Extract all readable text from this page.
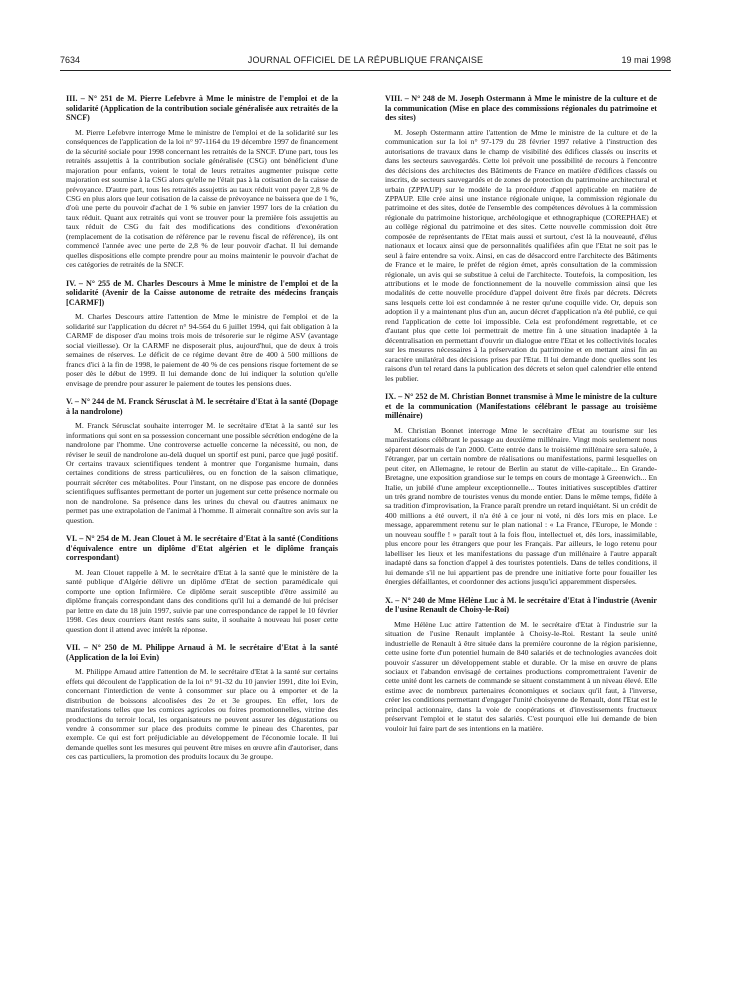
7634	JOURNAL OFFICIEL DE LA RÉPUBLIQUE FRANÇAISE	19 mai 1998

III. – N° 251 de M. Pierre Lefebvre à Mme le ministre de l'emploi et de la solidarité (Application de la contribution sociale généralisée aux retraités de la SNCF)

M. Pierre Lefebvre interroge Mme le ministre de l'emploi et de la solidarité sur les conséquences de l'application de la loi n° 97-1164 du 19 décembre 1997 de financement de la sécurité sociale pour 1998 concernant les retraités de la SNCF. D'une part, tous les retraités assujettis à la contribution sociale généralisée (CSG) ont bénéficient d'une majoration pour enfants, voient le total de leurs retraites augmenter puisque cette majoration est soumise à la CSG alors qu'elle ne l'était pas à la cotisation de la caisse de prévoyance. D'autre part, tous les retraités assujettis au taux réduit vont payer 2,8 % de CSG en plus alors que leur cotisation de la caisse de prévoyance ne baissera que de 1 %, d'où une perte du pouvoir d'achat de 1 % subie en janvier 1997 lors de la création du taux réduit. Quant aux retraités qui vont se trouver pour la première fois assujettis au taux réduit de CSG du fait des modifications des conditions d'exonération (remplacement de la cotisation de référence par le revenu fiscal de référence), ils ont commencé l'année avec une perte de 2,8 % de leur pouvoir d'achat. Il lui demande quelles dispositions elle compte prendre pour au moins maintenir le pouvoir d'achat de ces catégories de retraités de la SNCF.

IV. – N° 255 de M. Charles Descours à Mme le ministre de l'emploi et de la solidarité (Avenir de la Caisse autonome de retraite des médecins français [CARMF])

M. Charles Descours attire l'attention de Mme le ministre de l'emploi et de la solidarité sur l'application du décret n° 94-564 du 6 juillet 1994, qui fait obligation à la CARMF de disposer d'au moins trois mois de trésorerie sur le régime ASV (avantage social vieillesse). Or la CARMF ne disposerait plus, aujourd'hui, que de deux à trois semaines de réserves. Le déficit de ce régime devant être de 400 à 500 millions de francs d'ici à la fin de 1998, le paiement de 40 % de ces pensions risque fortement de se poser dès le début de 1999. Il lui demande donc de lui indiquer la solution qu'elle envisage de prendre pour assurer le paiement de toutes les pensions dues.

V. – N° 244 de M. Franck Sérusclat à M. le secrétaire d'Etat à la santé (Dopage à la nandrolone)

M. Franck Sérusclat souhaite interroger M. le secrétaire d'Etat à la santé sur les informations qui sont en sa possession concernant une possible sécrétion endogène de la nandrolone par l'homme. Une controverse actuelle concerne la nécessité, ou non, de réviser le seuil de nandrolone au-delà duquel un sportif est puni, parce que jugé positif. Or certains travaux scientifiques tendent à montrer que l'organisme humain, dans certaines conditions de stress particulières, ou en fonction de la saison climatique, pourrait sécréter ces métabolites. Pour l'instant, on ne dispose pas encore de données scientifiques suffisantes permettant de porter un jugement sur cette présence normale ou non de nandrolone. Sa présence dans les urines du cheval ou d'autres animaux ne permet pas une extrapolation de l'animal à l'homme. Il aimerait connaître son avis sur la question.

VI. – N° 254 de M. Jean Clouet à M. le secrétaire d'Etat à la santé (Conditions d'équivalence entre un diplôme d'Etat algérien et le diplôme français correspondant)

M. Jean Clouet rappelle à M. le secrétaire d'Etat à la santé que le ministère de la santé publique d'Algérie délivre un diplôme d'Etat de section paramédicale qui comporte une option Infirmière. Ce diplôme serait susceptible d'être assimilé au diplôme français correspondant dans des conditions qu'il lui a demandé de lui préciser par lettre en date du 18 juin 1997, suivie par une correspondance de rappel le 10 février 1998. Ces deux courriers étant restés sans suite, il souhaite à nouveau lui poser cette question dont il attend avec intérêt la réponse.

VII. – N° 250 de M. Philippe Arnaud à M. le secrétaire d'Etat à la santé (Application de la loi Evin)

M. Philippe Arnaud attire l'attention de M. le secrétaire d'Etat à la santé sur certains effets qui découlent de l'application de la loi n° 91-32 du 10 janvier 1991, dite loi Evin, concernant l'interdiction de vente à consommer sur place ou à emporter et de la distribution de boissons alcoolisées des 2e et 3e groupes. En effet, lors de manifestations telles que les comices agricoles ou foires promotionnelles, vitrine des productions du terroir local, les organisateurs ne peuvent assurer les dégustations ou vendre à consommer sur place des produits comme le pineau des Charentes, par exemple. Ce qui est fort préjudiciable au développement de l'économie locale. Il lui demande quelles sont les mesures qui peuvent être mises en œuvre afin d'autoriser, dans ces cas particuliers, la promotion des produits locaux du 3e groupe.

VIII. – N° 248 de M. Joseph Ostermann à Mme le ministre de la culture et de la communication (Mise en place des commissions régionales du patrimoine et des sites)

M. Joseph Ostermann attire l'attention de Mme le ministre de la culture et de la communication sur la loi n° 97-179 du 28 février 1997 relative à l'instruction des autorisations de travaux dans le champ de visibilité des édifices classés ou inscrits et dans les secteurs sauvegardés. Cette loi prévoit une possibilité de recours à l'encontre des décisions des architectes des Bâtiments de France en matière d'édifices classés ou inscrits, de secteurs sauvegardés et de zones de protection du patrimoine architectural et urbain (ZPPAUP) sur le modèle de la procédure d'appel applicable en matière de ZPPAUP. Elle crée ainsi une instance régionale unique, la commission régionale du patrimoine et des sites, dotée de l'ensemble des compétences dévolues à la commission régionale du patrimoine historique, archéologique et ethnographique (COREPHAE) et au collège régional du patrimoine et des sites. Cette nouvelle commission doit être composée de représentants de l'Etat mais aussi et surtout, c'est là la nouveauté, d'élus nationaux et locaux ainsi que de personnalités qualifiées afin que l'Etat ne soit pas le seul à faire entendre sa voix. Ainsi, en cas de désaccord entre l'architecte des Bâtiments de France et le maire, le préfet de région émet, après consultation de la commission régionale, un avis qui se substitue à celui de l'architecte. Toutefois, la composition, les attributions et le mode de fonctionnement de la nouvelle commission ainsi que les modalités de cette nouvelle procédure d'appel doivent être fixés par décrets. Décrets sans lesquels cette loi est condamnée à ne rester qu'une coquille vide. Or, depuis son adoption il y a maintenant plus d'un an, aucun décret d'application n'a été publié, ce qui rend l'application de cette loi impossible. Cela est profondément regrettable, et ce d'autant plus que cette loi permettrait de mettre fin à une situation inadaptée à la décentralisation en permettant d'ouvrir un dialogue entre l'Etat et les collectivités locales sur les mesures nécessaires à la préservation du patrimoine et en mettant ainsi fin au caractère unilatéral des décisions prises par l'Etat. Il lui demande donc quelles sont les raisons d'un tel retard dans la publication des décrets et selon quel calendrier elle entend les publier.

IX. – N° 252 de M. Christian Bonnet transmise à Mme le ministre de la culture et de la communication (Manifestations célébrant le passage au troisième millénaire)

M. Christian Bonnet interroge Mme le secrétaire d'Etat au tourisme sur les manifestations célébrant le passage au deuxième millénaire. Vingt mois seulement nous séparent désormais de l'an 2000. Cette entrée dans le troisième millénaire sera saluée, à l'étranger, par un certain nombre de réalisations ou manifestations, parmi lesquelles on peut citer, en Allemagne, le retour de Berlin au statut de ville-capitale... En Grande-Bretagne, une exposition grandiose sur le temps en cours de montage à Greenwich... En Italie, un jubilé d'une ampleur exceptionnelle... Toutes initiatives susceptibles d'attirer un très grand nombre de touristes venus du monde entier. Dans le même temps, fidèle à sa tradition d'improvisation, la France paraît prendre un retard inquiétant. Si un crédit de 400 millions a été ouvert, il n'a été à ce jour ni voté, ni dès lors mis en place. Le message, apparemment retenu sur le plan national : « La France, l'Europe, le Monde : un nouveau souffle ! » paraît tout à la fois flou, intellectuel et, dès lors, inassimilable, plus encore pour les étrangers que pour les Français. Par ailleurs, le logo retenu pour labelliser les lieux et les manifestations du passage d'un millénaire à l'autre apparaît inadapté dans sa fonction d'appel à des touristes potentiels. Dans de telles conditions, il lui demande s'il ne lui appartient pas de prendre une initiative forte pour fouailler les énergies défaillantes, et coordonner des actions jusqu'ici apparemment dispersées.

X. – N° 240 de Mme Hélène Luc à M. le secrétaire d'Etat à l'industrie (Avenir de l'usine Renault de Choisy-le-Roi)

Mme Hélène Luc attire l'attention de M. le secrétaire d'Etat à l'industrie sur la situation de l'usine Renault implantée à Choisy-le-Roi. Restant la seule unité industrielle de Renault à être située dans la première couronne de la région parisienne, cette usine forte d'un potentiel humain de 840 salariés et de technologies avancées doit pouvoir s'assurer un développement stable et durable. Or la mise en œuvre de plans sociaux et l'abandon envisagé de certaines productions compromettraient l'avenir de cette unité dont les carnets de commande se situent constamment à un niveau élevé. Elle estime avec de nombreux partenaires économiques et sociaux qu'il faut, à l'inverse, créer les conditions permettant d'engager l'unité choisyenne de Renault, dont l'Etat est le principal actionnaire, dans la voie de coopérations et d'investissements fructueux préservant l'emploi et le statut des salariés. C'est pourquoi elle lui demande de bien vouloir lui faire part de ses intentions en la matière.
